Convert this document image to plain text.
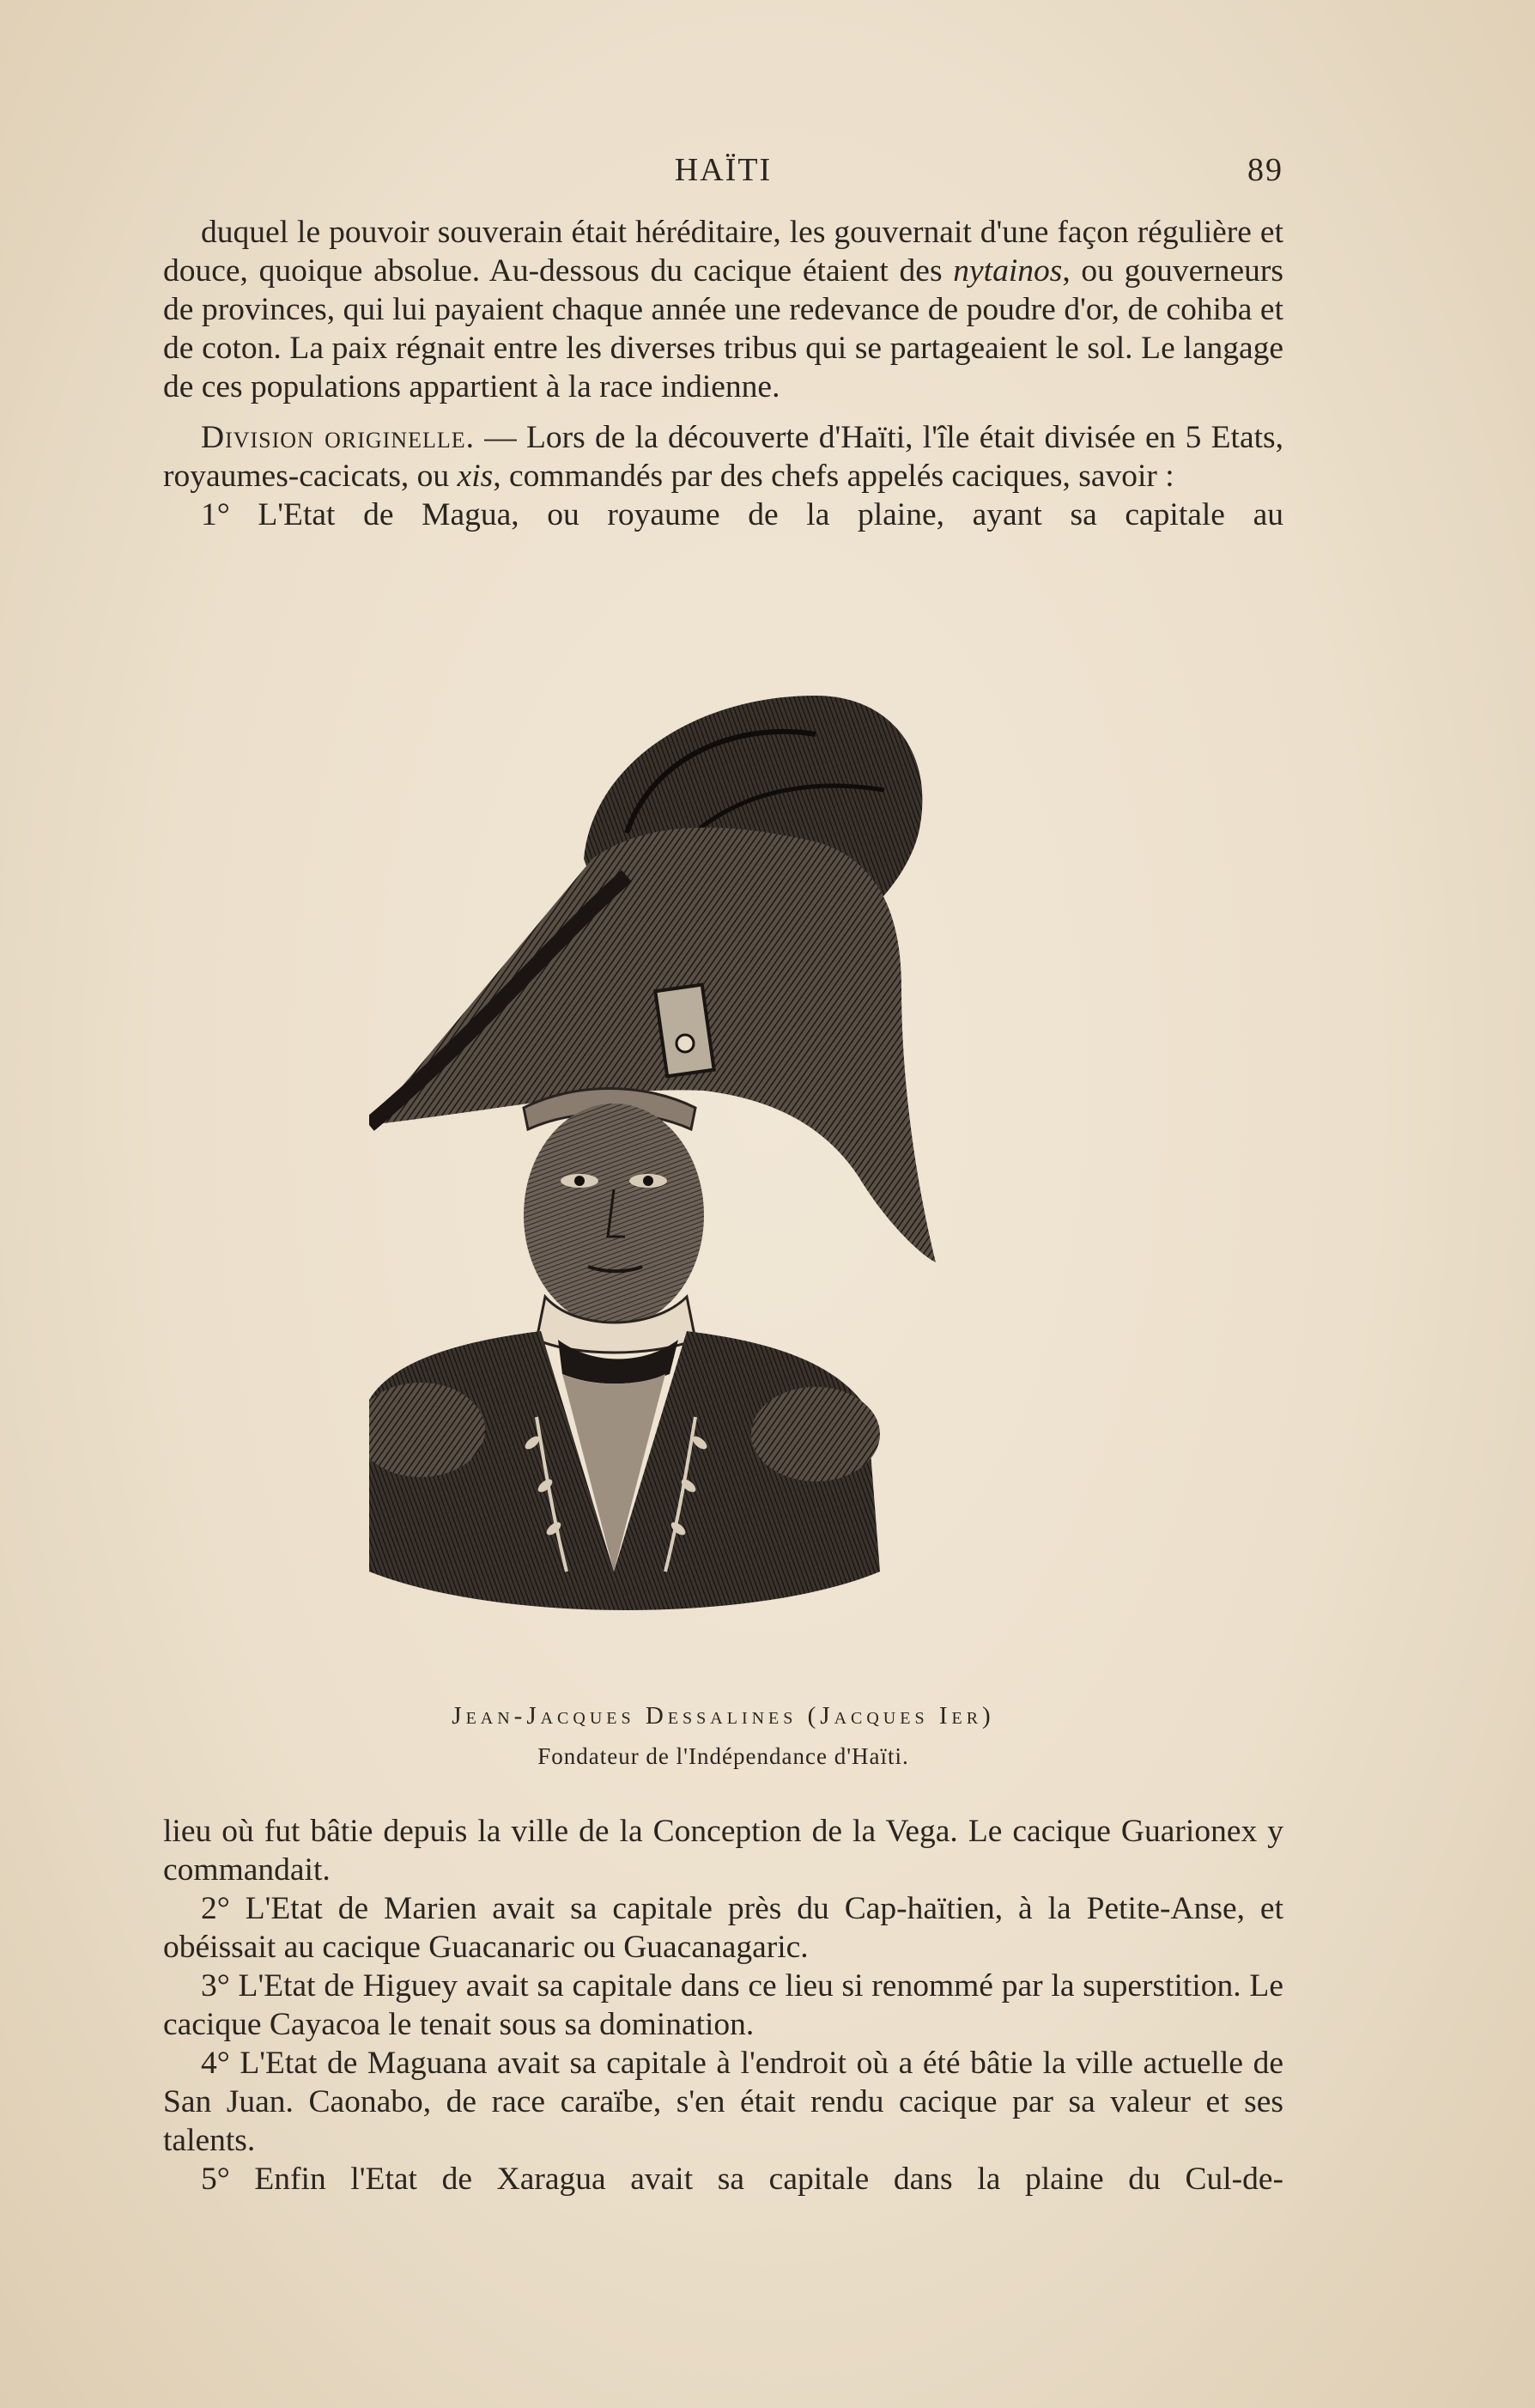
HAÏTI	89

duquel le pouvoir souverain était héréditaire, les gouvernait d'une façon régulière et douce, quoique absolue. Au-dessous du cacique étaient des nytainos, ou gouverneurs de provinces, qui lui payaient chaque année une redevance de poudre d'or, de cohiba et de coton. La paix régnait entre les diverses tribus qui se partageaient le sol. Le langage de ces populations appartient à la race indienne.

Division originelle. — Lors de la découverte d'Haïti, l'île était divisée en 5 Etats, royaumes-cacicats, ou xis, commandés par des chefs appelés caciques, savoir :

1° L'Etat de Magua, ou royaume de la plaine, ayant sa capitale au

Jean-Jacques Dessalines (Jacques Ier)
Fondateur de l'Indépendance d'Haïti.

lieu où fut bâtie depuis la ville de la Conception de la Vega. Le cacique Guarionex y commandait.

2° L'Etat de Marien avait sa capitale près du Cap-haïtien, à la Petite-Anse, et obéissait au cacique Guacanaric ou Guacanagaric.

3° L'Etat de Higuey avait sa capitale dans ce lieu si renommé par la superstition. Le cacique Cayacoa le tenait sous sa domination.

4° L'Etat de Maguana avait sa capitale à l'endroit où a été bâtie la ville actuelle de San Juan. Caonabo, de race caraïbe, s'en était rendu cacique par sa valeur et ses talents.

5° Enfin l'Etat de Xaragua avait sa capitale dans la plaine du Cul-de-
